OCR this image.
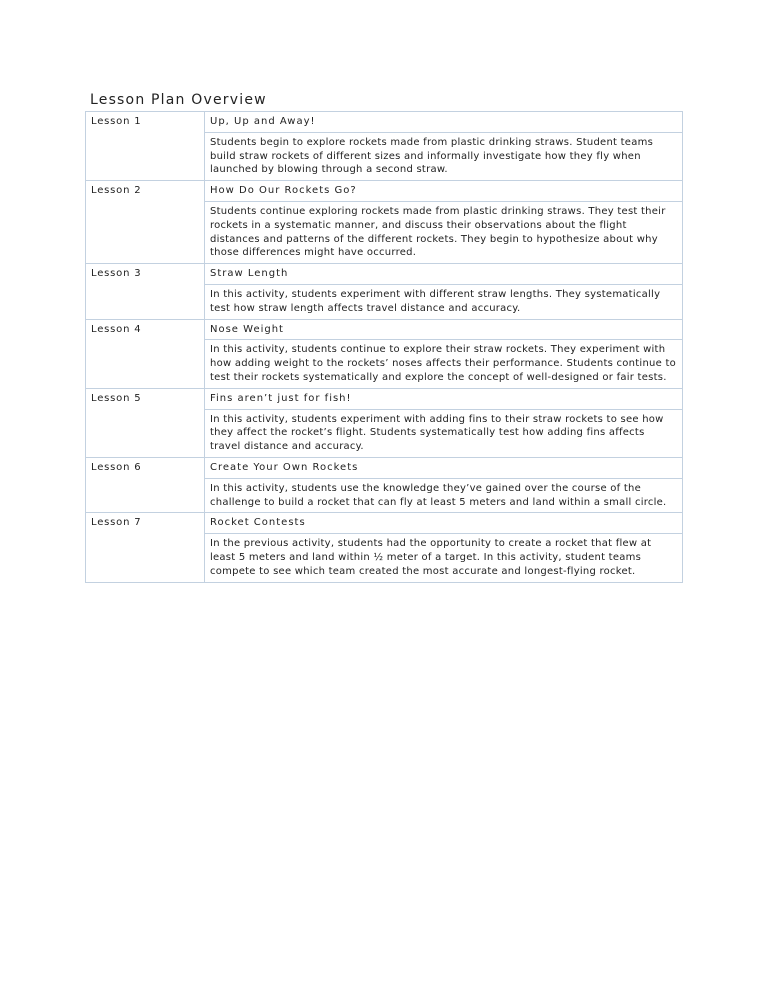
Lesson Plan Overview
Lesson 1	Up, Up and Away!
	Students begin to explore rockets made from plastic drinking straws. Student teams build straw rockets of different sizes and informally investigate how they fly when launched by blowing through a second straw.
Lesson 2	How Do Our Rockets Go?
	Students continue exploring rockets made from plastic drinking straws. They test their rockets in a systematic manner, and discuss their observations about the flight distances and patterns of the different rockets. They begin to hypothesize about why those differences might have occurred.
Lesson 3	Straw Length
	In this activity, students experiment with different straw lengths. They systematically test how straw length affects travel distance and accuracy.
Lesson 4	Nose Weight
	In this activity, students continue to explore their straw rockets. They experiment with how adding weight to the rockets’ noses affects their performance. Students continue to test their rockets systematically and explore the concept of well-designed or fair tests.
Lesson 5	Fins aren’t just for fish!
	In this activity, students experiment with adding fins to their straw rockets to see how they affect the rocket’s flight. Students systematically test how adding fins affects travel distance and accuracy.
Lesson 6	Create Your Own Rockets
	In this activity, students use the knowledge they’ve gained over the course of the challenge to build a rocket that can fly at least 5 meters and land within a small circle.
Lesson 7	Rocket Contests
	In the previous activity, students had the opportunity to create a rocket that flew at least 5 meters and land within ½ meter of a target. In this activity, student teams compete to see which team created the most accurate and longest-flying rocket.
